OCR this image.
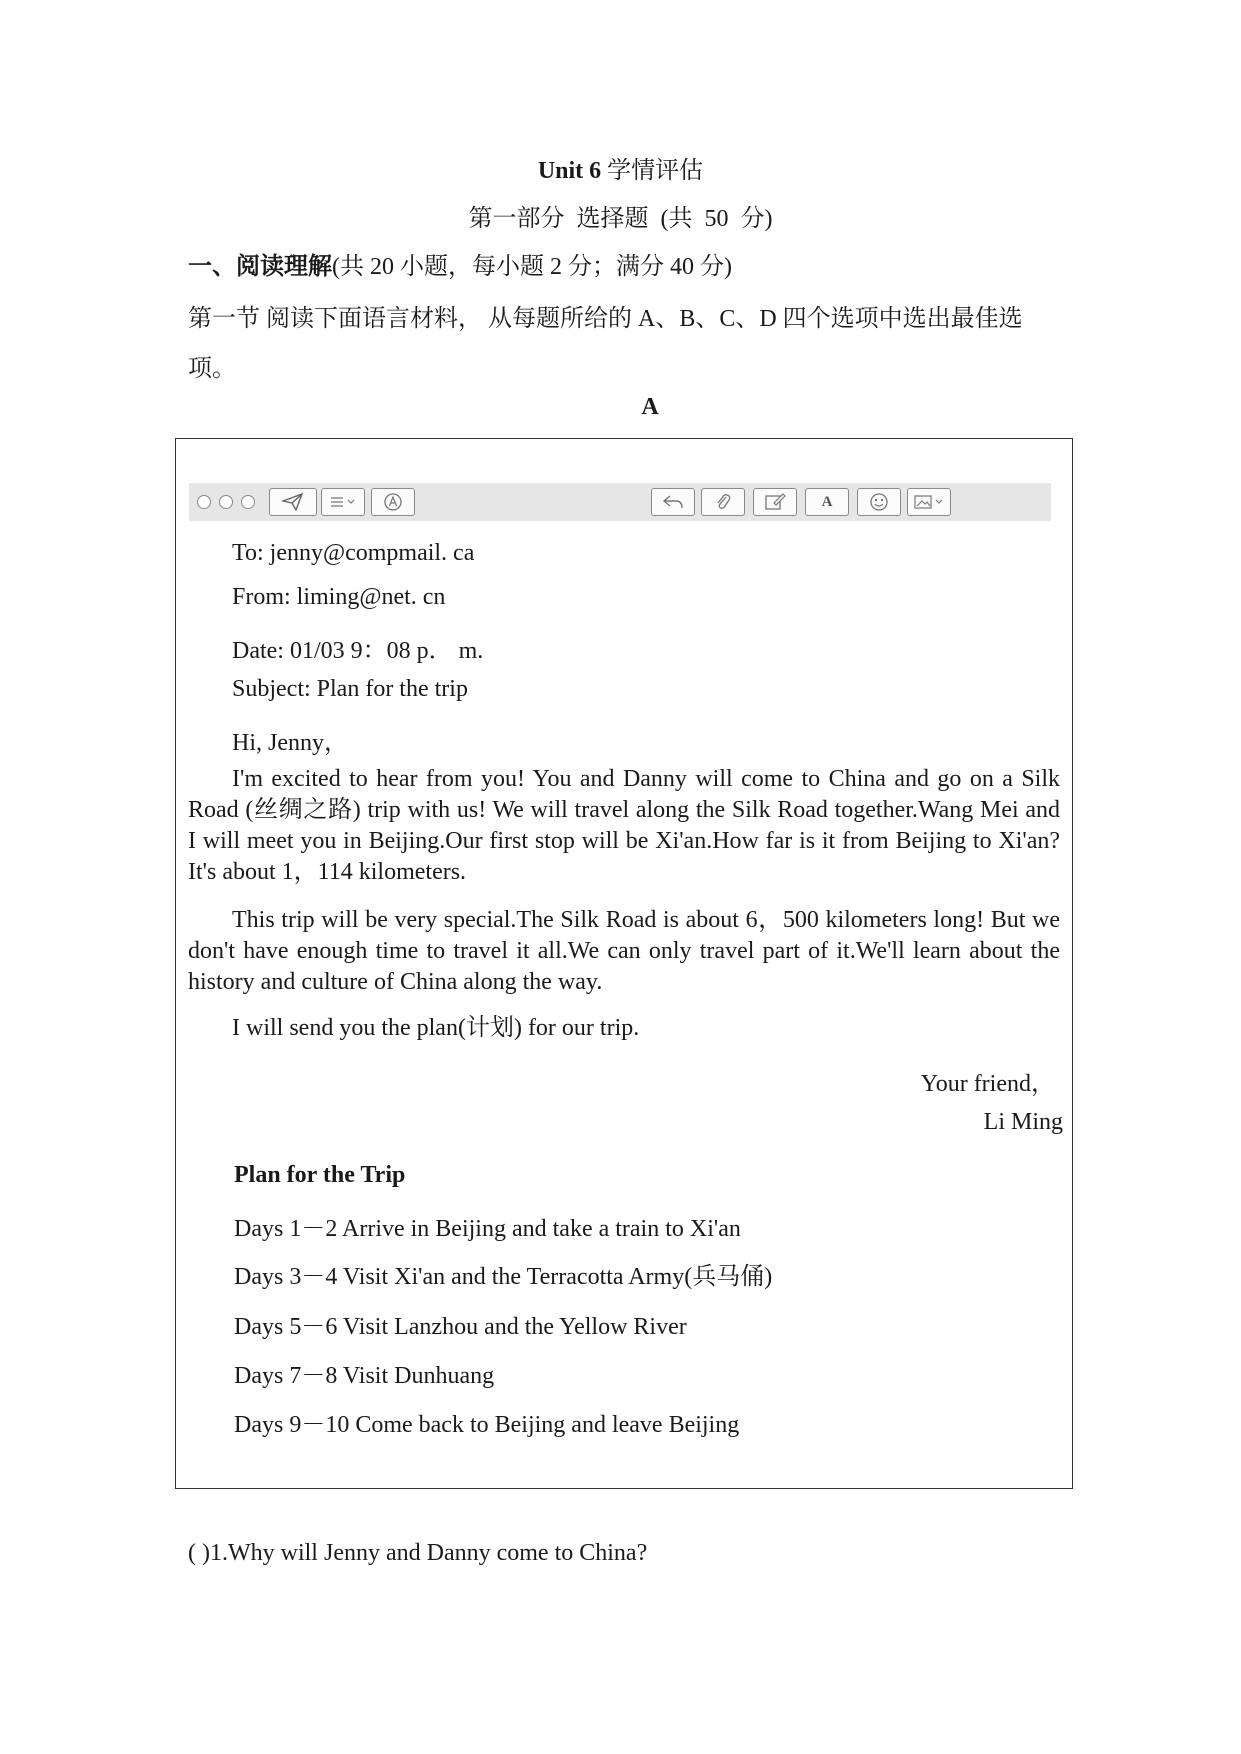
Unit 6 学情评估
第一部分 选择题 (共 50 分)
一、阅读理解(共 20 小题，每小题 2 分；满分 40 分)
第一节 阅读下面语言材料， 从每题所给的 A、B、C、D 四个选项中选出最佳选项。
A
A
To: jenny@compmail. ca
From: liming@net. cn
Date: 01/03 9：08 p． m.
Subject: Plan for the trip
Hi, Jenny，
I'm excited to hear from you! You and Danny will come to China and go on a Silk Road (丝绸之路) trip with us! We will travel along the Silk Road together.Wang Mei and I will meet you in Beijing.Our first stop will be Xi'an.How far is it from Beijing to Xi'an? It's about 1，114 kilometers.
This trip will be very special.The Silk Road is about 6，500 kilometers long! But we don't have enough time to travel it all.We can only travel part of it.We'll learn about the history and culture of China along the way.
I will send you the plan(计划) for our trip.
Your friend，
Li Ming
Plan for the Trip
Days 1－2 Arrive in Beijing and take a train to Xi'an
Days 3－4 Visit Xi'an and the Terracotta Army(兵马俑)
Days 5－6 Visit Lanzhou and the Yellow River
Days 7－8 Visit Dunhuang
Days 9－10 Come back to Beijing and leave Beijing
( )1.Why will Jenny and Danny come to China?
